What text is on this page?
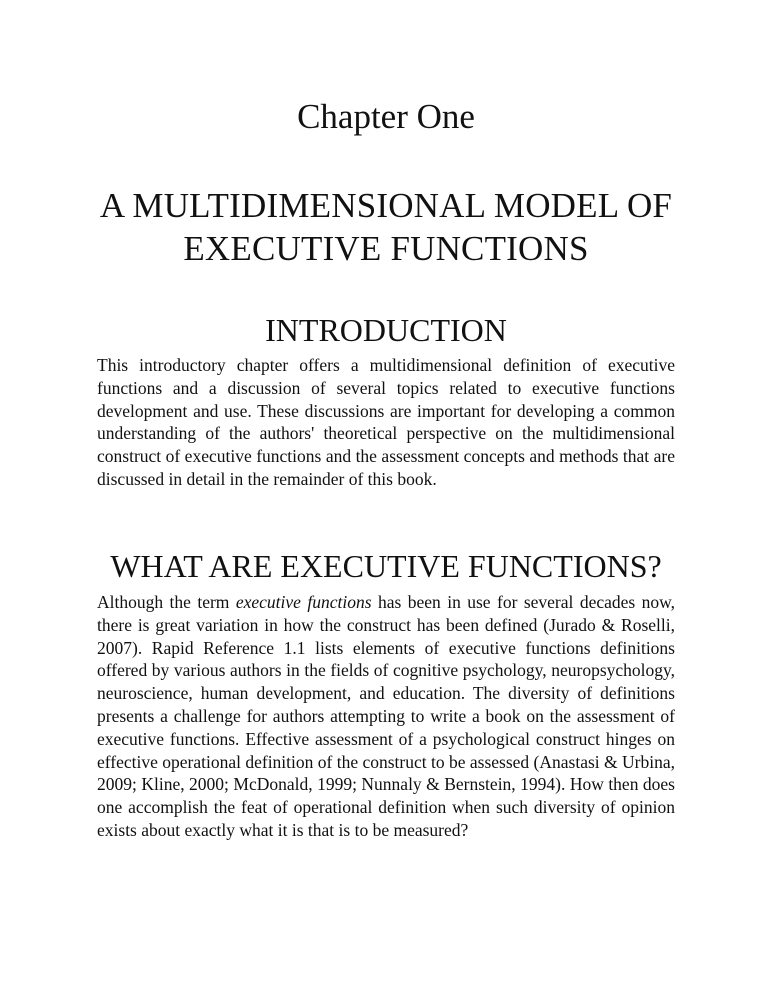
Chapter One
A MULTIDIMENSIONAL MODEL OF EXECUTIVE FUNCTIONS
INTRODUCTION

This introductory chapter offers a multidimensional definition of executive functions and a discussion of several topics related to executive functions development and use. These discussions are important for developing a common understanding of the authors' theoretical perspective on the multidimensional construct of executive functions and the assessment concepts and methods that are discussed in detail in the remainder of this book.

WHAT ARE EXECUTIVE FUNCTIONS?

Although the term executive functions has been in use for several decades now, there is great variation in how the construct has been defined (Jurado & Roselli, 2007). Rapid Reference 1.1 lists elements of executive functions definitions offered by various authors in the fields of cognitive psychology, neuropsychology, neuroscience, human development, and education. The diversity of definitions presents a challenge for authors attempting to write a book on the assessment of executive functions. Effective assessment of a psychological construct hinges on effective operational definition of the construct to be assessed (Anastasi & Urbina, 2009; Kline, 2000; McDonald, 1999; Nunnaly & Bernstein, 1994). How then does one accomplish the feat of operational definition when such diversity of opinion exists about exactly what it is that is to be measured?
